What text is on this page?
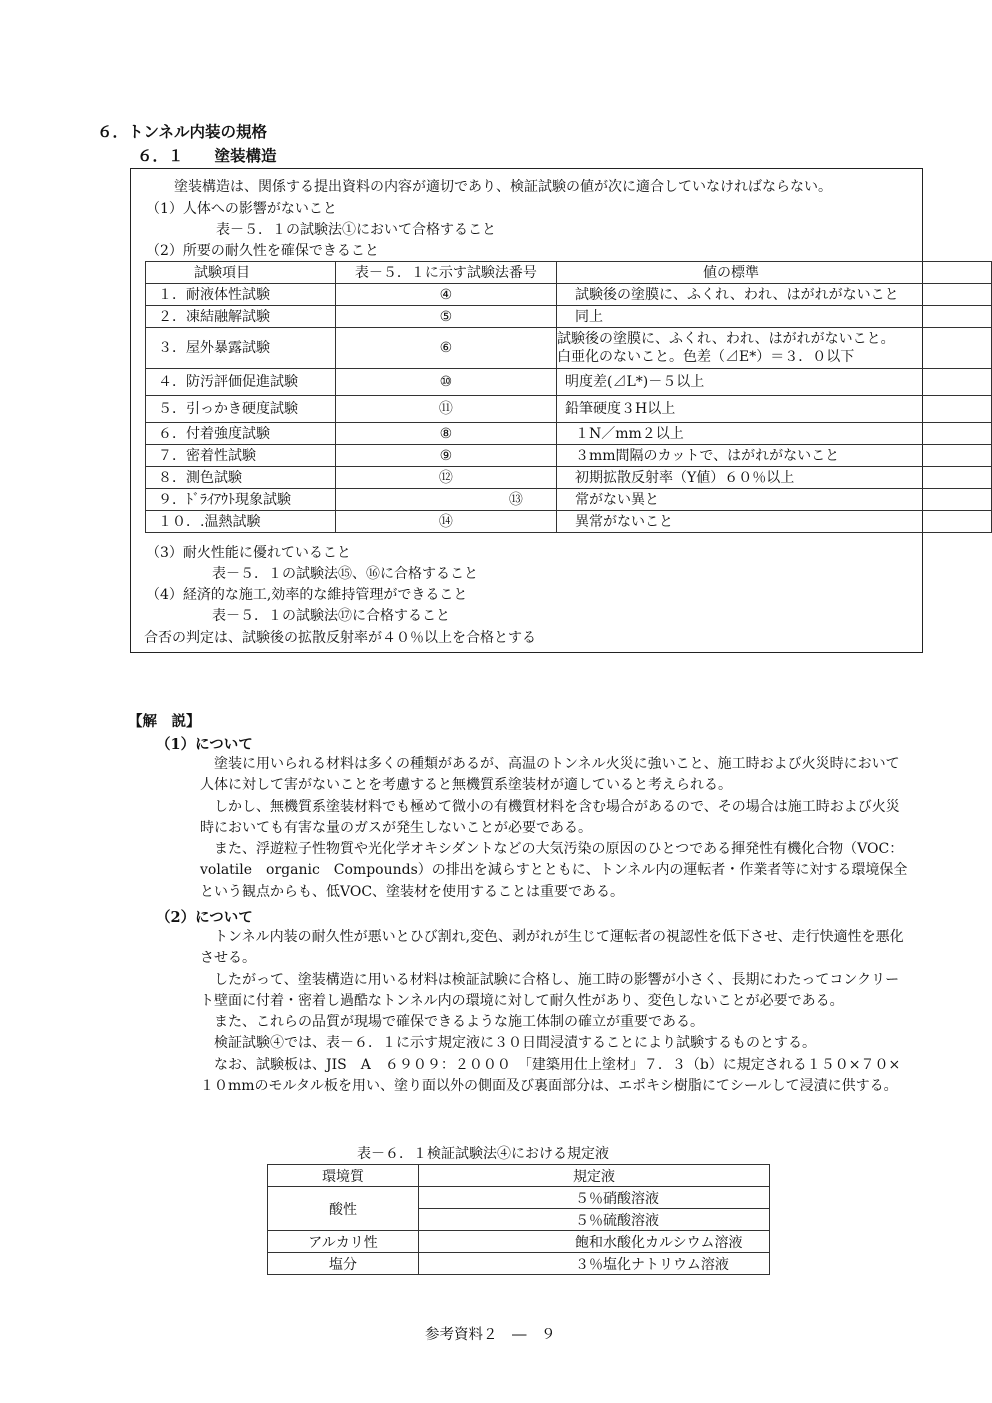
６．トンネル内装の規格
６．１　　塗装構造
塗装構造は、関係する提出資料の内容が適切であり、検証試験の値が次に適合していなければならない。
（1）人体への影響がないこと
表－５．１の試験法①において合格すること
（2）所要の耐久性を確保できること
試験項目	表－５．１に示す試験法番号	値の標準
１．耐液体性試験	④	試験後の塗膜に、ふくれ、われ、はがれがないこと
２．凍結融解試験	⑤	同上
３．屋外暴露試験	⑥	試験後の塗膜に、ふくれ、われ、はがれがないこと。
白亜化のないこと。色差（⊿E*）＝３．０以下

４．防汚評価促進試験	⑩	明度差(⊿L*)－５以上
５．引っかき硬度試験	⑪	鉛筆硬度３H以上
６．付着強度試験	⑧	１N／mm２以上
７．密着性試験	⑨	３mm間隔のカットで、はがれがないこと
８．測色試験	⑫	初期拡散反射率（Y値）６０％以上
９．ﾄﾞﾗｲｱｳﾄ現象試験	⑬	常がない異と
１０．.温熱試験	⑭	異常がないこと
（3）耐火性能に優れていること
表－５．１の試験法⑮、⑯に合格すること
（4）経済的な施工,効率的な維持管理ができること
表－５．１の試験法⑰に合格すること
合否の判定は、試験後の拡散反射率が４０％以上を合格とする
【解　説】
（1）について

塗装に用いられる材料は多くの種類があるが、高温のトンネル火災に強いこと、施工時および火災時において人体に対して害がないことを考慮すると無機質系塗装材が適していると考えられる。

しかし、無機質系塗装材料でも極めて微小の有機質材料を含む場合があるので、その場合は施工時および火災時においても有害な量のガスが発生しないことが必要である。

また、浮遊粒子性物質や光化学オキシダントなどの大気汚染の原因のひとつである揮発性有機化合物（VOC：volatile　organic　Compounds）の排出を減らすとともに、トンネル内の運転者・作業者等に対する環境保全という観点からも、低VOC、塗装材を使用することは重要である。

（2）について

トンネル内装の耐久性が悪いとひび割れ,変色、剥がれが生じて運転者の視認性を低下させ、走行快適性を悪化させる。

したがって、塗装構造に用いる材料は検証試験に合格し、施工時の影響が小さく、長期にわたってコンクリート壁面に付着・密着し過酷なトンネル内の環境に対して耐久性があり、変色しないことが必要である。

また、これらの品質が現場で確保できるような施工体制の確立が重要である。

検証試験④では、表－６．１に示す規定液に３０日間浸漬することにより試験するものとする。

なお、試験板は、JIS　A　６９０９：２０００　「建築用仕上塗材」７．３（b）に規定される１５０×７０×１０mmのモルタル板を用い、塗り面以外の側面及び裏面部分は、エポキシ樹脂にてシールして浸漬に供する。

表－６．１検証試験法④における規定液
環境質	規定液
酸性	５％硝酸溶液
	５％硫酸溶液
アルカリ性	飽和水酸化カルシウム溶液
塩分	３％塩化ナトリウム溶液
参考資料２　―　９
